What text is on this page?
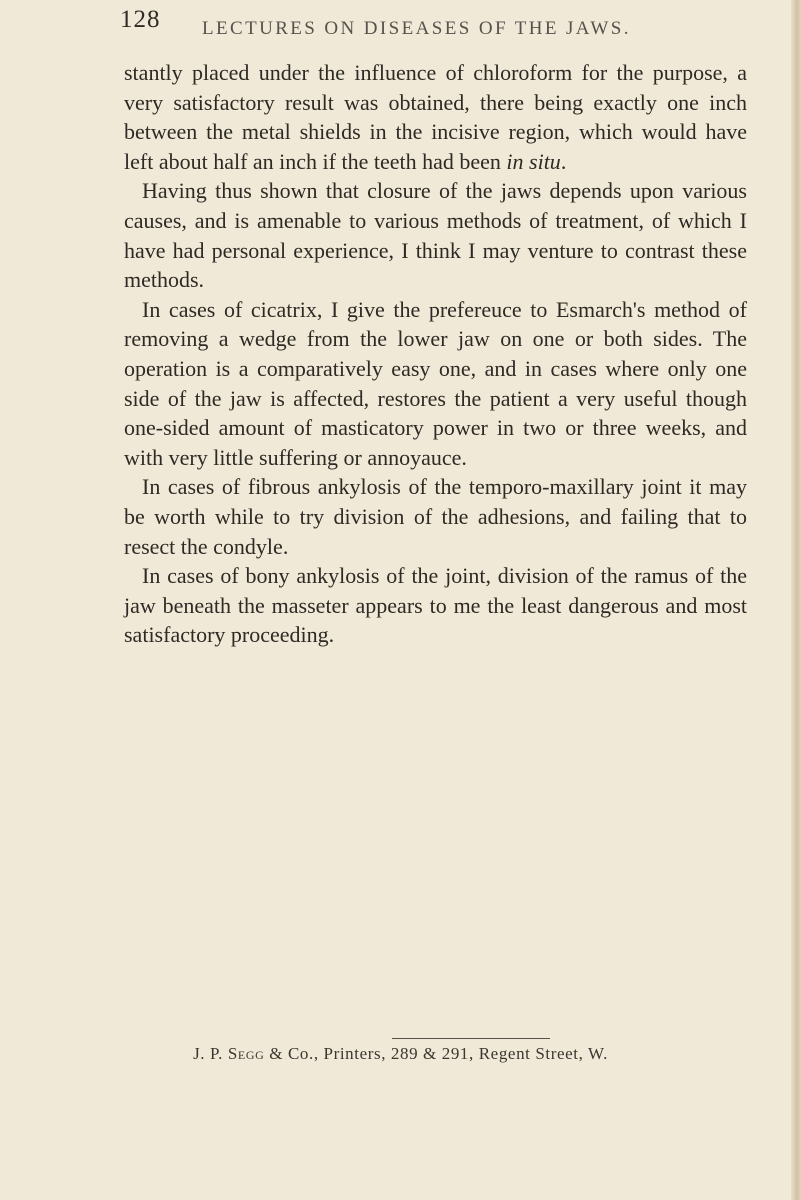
128 LECTURES ON DISEASES OF THE JAWS.

stantly placed under the influence of chloroform for the purpose, a very satisfactory result was obtained, there being exactly one inch between the metal shields in the incisive region, which would have left about half an inch if the teeth had been in situ.

Having thus shown that closure of the jaws depends upon various causes, and is amenable to various methods of treatment, of which I have had personal experience, I think I may venture to contrast these methods.

In cases of cicatrix, I give the prefereuce to Esmarch's method of removing a wedge from the lower jaw on one or both sides. The operation is a comparatively easy one, and in cases where only one side of the jaw is affected, restores the patient a very useful though one-sided amount of masticatory power in two or three weeks, and with very little suffering or annoyauce.

In cases of fibrous ankylosis of the temporo-maxillary joint it may be worth while to try division of the adhesions, and failing that to resect the condyle.

In cases of bony ankylosis of the joint, division of the ramus of the jaw beneath the masseter appears to me the least dangerous and most satisfactory proceeding.

J. P. Segg & Co., Printers, 289 & 291, Regent Street, W.
